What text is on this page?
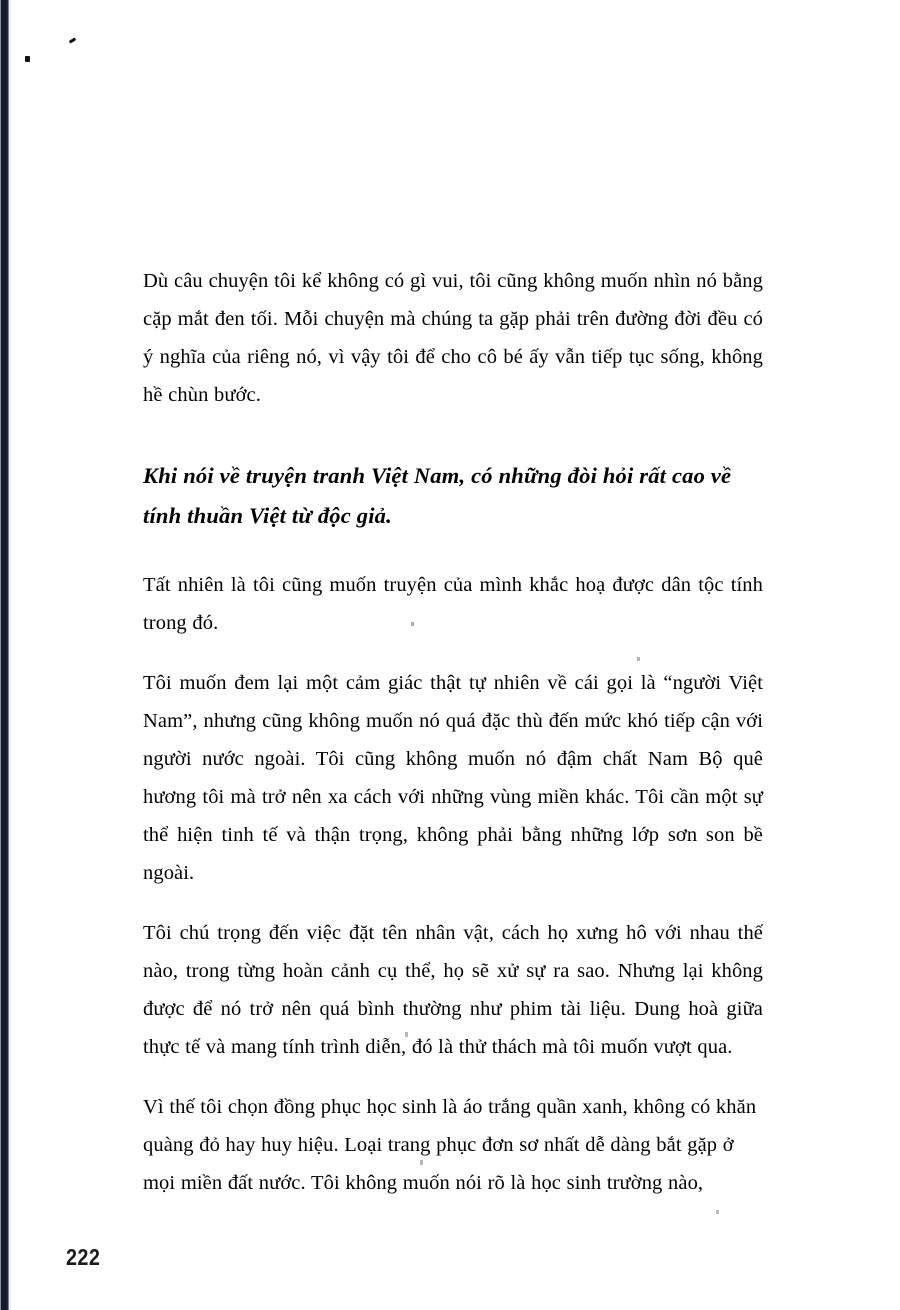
Dù câu chuyện tôi kể không có gì vui, tôi cũng không muốn nhìn nó bằng cặp mắt đen tối. Mỗi chuyện mà chúng ta gặp phải trên đường đời đều có ý nghĩa của riêng nó, vì vậy tôi để cho cô bé ấy vẫn tiếp tục sống, không hề chùn bước.

Khi nói về truyện tranh Việt Nam, có những đòi hỏi rất cao về tính thuần Việt từ độc giả.

Tất nhiên là tôi cũng muốn truyện của mình khắc hoạ được dân tộc tính trong đó.

Tôi muốn đem lại một cảm giác thật tự nhiên về cái gọi là “người Việt Nam”, nhưng cũng không muốn nó quá đặc thù đến mức khó tiếp cận với người nước ngoài. Tôi cũng không muốn nó đậm chất Nam Bộ quê hương tôi mà trở nên xa cách với những vùng miền khác. Tôi cần một sự thể hiện tinh tế và thận trọng, không phải bằng những lớp sơn son bề ngoài.

Tôi chú trọng đến việc đặt tên nhân vật, cách họ xưng hô với nhau thế nào, trong từng hoàn cảnh cụ thể, họ sẽ xử sự ra sao. Nhưng lại không được để nó trở nên quá bình thường như phim tài liệu. Dung hoà giữa thực tế và mang tính trình diễn, đó là thử thách mà tôi muốn vượt qua.

Vì thế tôi chọn đồng phục học sinh là áo trắng quần xanh, không có khăn quàng đỏ hay huy hiệu. Loại trang phục đơn sơ nhất dễ dàng bắt gặp ở mọi miền đất nước. Tôi không muốn nói rõ là học sinh trường nào,

222
